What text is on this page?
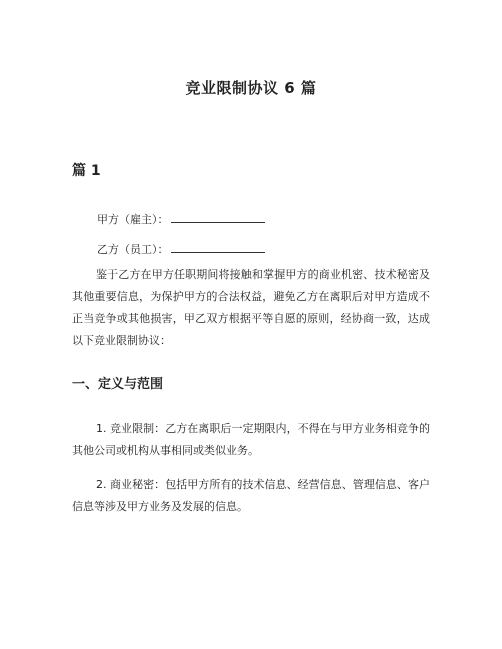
竞业限制协议 6 篇
篇 1
甲方（雇主）：
乙方（员工）：

鉴于乙方在甲方任职期间将接触和掌握甲方的商业机密、技术秘密及其他重要信息，为保护甲方的合法权益，避免乙方在离职后对甲方造成不正当竞争或其他损害，甲乙双方根据平等自愿的原则，经协商一致，达成以下竞业限制协议：

一、定义与范围

1. 竞业限制：乙方在离职后一定期限内，不得在与甲方业务相竞争的其他公司或机构从事相同或类似业务。

2. 商业秘密：包括甲方所有的技术信息、经营信息、管理信息、客户信息等涉及甲方业务及发展的信息。
